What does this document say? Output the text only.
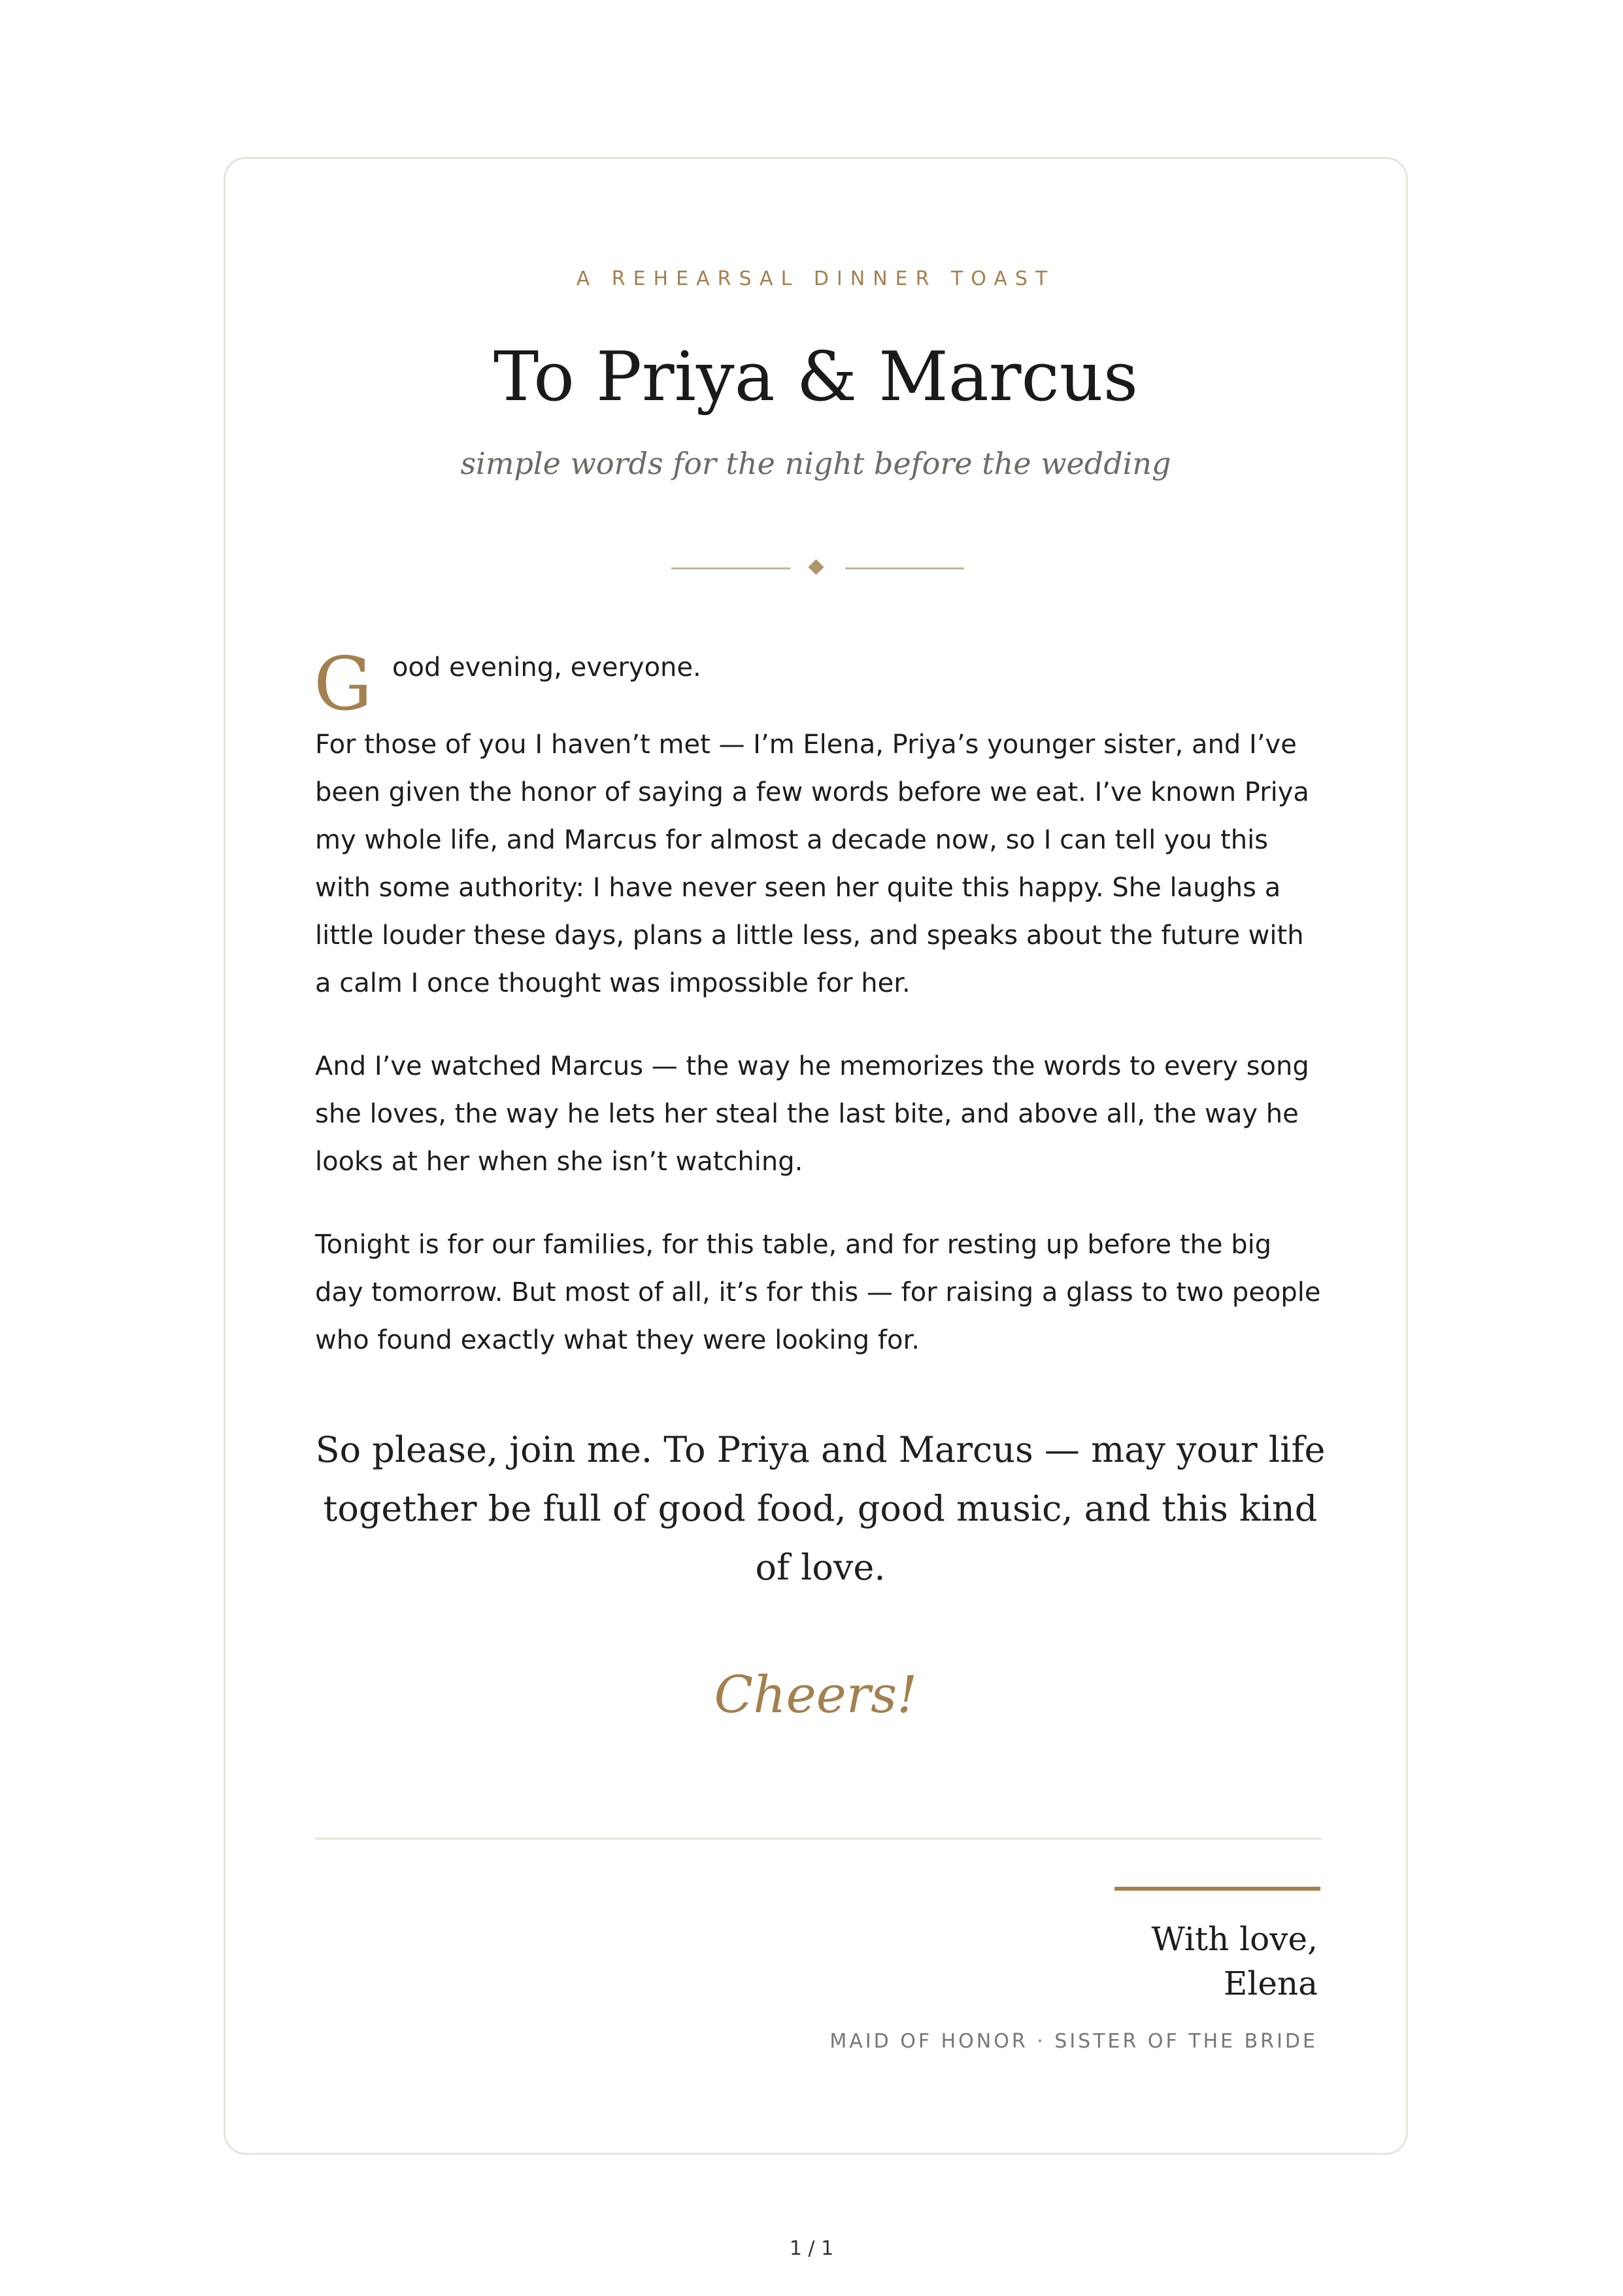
A REHEARSAL DINNER TOAST
To Priya & Marcus
simple words for the night before the wedding
G ood evening, everyone.
For those of you I haven’t met — I’m Elena, Priya’s younger sister, and I’ve been given the honor of saying a few words before we eat. I’ve known Priya my whole life, and Marcus for almost a decade now, so I can tell you this with some authority: I have never seen her quite this happy. She laughs a little louder these days, plans a little less, and speaks about the future with a calm I once thought was impossible for her.
And I’ve watched Marcus — the way he memorizes the words to every song she loves, the way he lets her steal the last bite, and above all, the way he looks at her when she isn’t watching.
Tonight is for our families, for this table, and for resting up before the big day tomorrow. But most of all, it’s for this — for raising a glass to two people who found exactly what they were looking for.
So please, join me. To Priya and Marcus — may your life together be full of good food, good music, and this kind of love.
Cheers!
With love,
Elena
MAID OF HONOR · SISTER OF THE BRIDE
1 / 1
